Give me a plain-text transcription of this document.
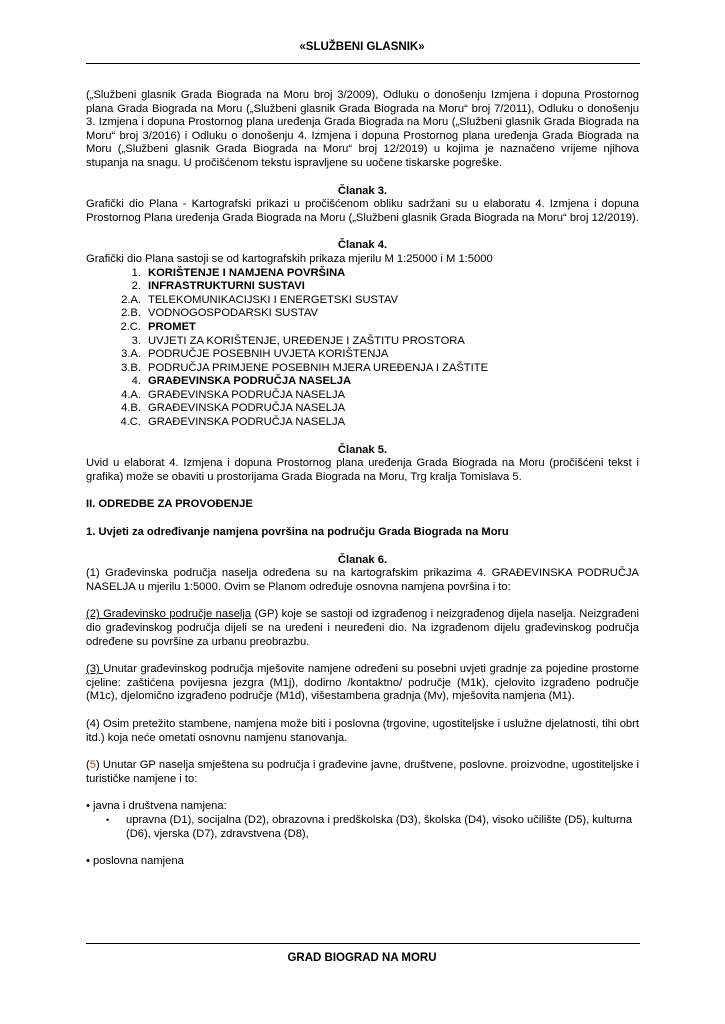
«SLUŽBENI GLASNIK»

(„Službeni glasnik Grada Biograda na Moru broj 3/2009), Odluku o donošenju Izmjena i dopuna Prostornog plana Grada Biograda na Moru („Službeni glasnik Grada Biograda na Moru“ broj 7/2011), Odluku o donošenju 3. Izmjena i dopuna Prostornog plana uređenja Grada Biograda na Moru („Službeni glasnik Grada Biograda na Moru“ broj 3/2016) i Odluku o donošenju 4. Izmjena i dopuna Prostornog plana uređenja Grada Biograda na Moru („Službeni glasnik Grada Biograda na Moru“ broj 12/2019) u kojima je naznačeno vrijeme njihova stupanja na snagu. U pročišćenom tekstu ispravljene su uočene tiskarske pogreške.

Članak 3.

Grafički dio Plana - Kartografski prikazi u pročišćenom obliku sadržani su u elaboratu 4. Izmjena i dopuna Prostornog Plana uređenja Grada Biograda na Moru („Službeni glasnik Grada Biograda na Moru“ broj 12/2019).

Članak 4.

Grafički dio Plana sastoji se od kartografskih prikaza mjerilu M 1:25000 i M 1:5000

1. KORIŠTENJE I NAMJENA POVRŠINA
2. INFRASTRUKTURNI SUSTAVI
2.A. TELEKOMUNIKACIJSKI I ENERGETSKI SUSTAV
2.B. VODNOGOSPODARSKI SUSTAV
2.C. PROMET
3. UVJETI ZA KORIŠTENJE, UREĐENJE I ZAŠTITU PROSTORA
3.A. PODRUČJE POSEBNIH UVJETA KORIŠTENJA
3.B. PODRUČJA PRIMJENE POSEBNIH MJERA UREĐENJA I ZAŠTITE
4. GRAĐEVINSKA PODRUČJA NASELJA
4.A. GRAĐEVINSKA PODRUČJA NASELJA
4.B. GRAĐEVINSKA PODRUČJA NASELJA
4.C. GRAĐEVINSKA PODRUČJA NASELJA

Članak 5.

Uvid u elaborat 4. Izmjena i dopuna Prostornog plana uređenja Grada Biograda na Moru (pročišćeni tekst i grafika) može se obaviti u prostorijama Grada Biograda na Moru, Trg kralja Tomislava 5.

II. ODREDBE ZA PROVOĐENJE

1. Uvjeti za određivanje namjena površina na području Grada Biograda na Moru

Članak 6.

(1) Građevinska područja naselja određena su na kartografskim prikazima 4. GRAĐEVINSKA PODRUČJA NASELJA u mjerilu 1:5000. Ovim se Planom određuje osnovna namjena površina i to:

(2) Građevinsko područje naselja (GP) koje se sastoji od izgrađenog i neizgrađenog dijela naselja. Neizgrađeni dio građevinskog područja dijeli se na uređeni i neuređeni dio. Na izgrađenom dijelu građevinskog područja određene su površine za urbanu preobrazbu.

(3) Unutar građevinskog područja mješovite namjene određeni su posebni uvjeti gradnje za pojedine prostorne cjeline: zaštićena povijesna jezgra (M1j), dodirno /kontaktno/ područje (M1k), cjelovito izgrađeno područje (M1c), djelomično izgrađeno područje (M1d), višestambena gradnja (Mv), mješovita namjena (M1).

(4) Osim pretežito stambene, namjena može biti i poslovna (trgovine, ugostiteljske i uslužne djelatnosti, tihi obrt itd.) koja neće ometati osnovnu namjenu stanovanja.

(5) Unutar GP naselja smještena su područja i građevine javne, društvene, poslovne. proizvodne, ugostiteljske i turističke namjene i to:

• javna i društvena namjena:

•	upravna (D1), socijalna (D2), obrazovna i predškolska (D3), školska (D4), visoko učilište (D5), kulturna (D6), vjerska (D7), zdravstvena (D8),

• poslovna namjena

GRAD BIOGRAD NA MORU
